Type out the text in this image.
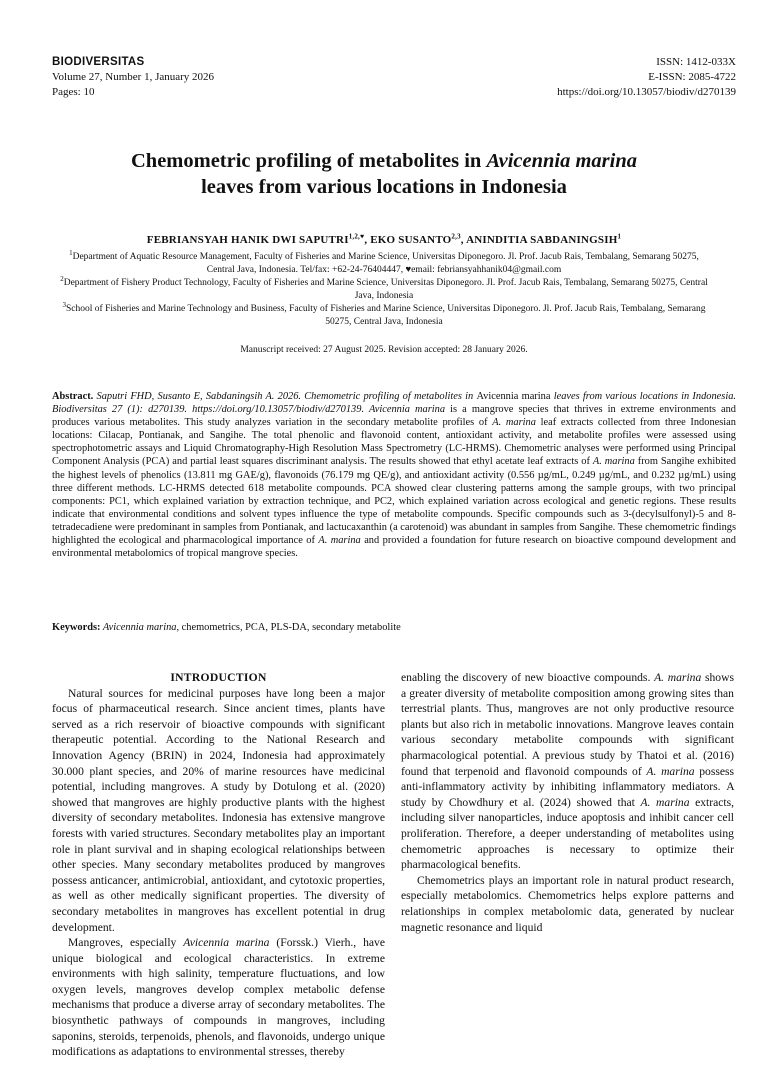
BIODIVERSITAS
Volume 27, Number 1, January 2026
Pages: 10
ISSN: 1412-033X
E-ISSN: 2085-4722
https://doi.org/10.13057/biodiv/d270139
Chemometric profiling of metabolites in Avicennia marina
leaves from various locations in Indonesia
FEBRIANSYAH HANIK DWI $SAPUTRI^{1,2,♥}$, EKO SUSANTO$^{2,3}$, ANINDITIA SABDANINGSIH$^1$
$^1$Department of Aquatic Resource Management, Faculty of Fisheries and Marine Science, Universitas Diponegoro. Jl. Prof. Jacub Rais, Tembalang, Semarang 50275, Central Java, Indonesia. Tel/fax: +62-24-76404447, ♥email: febriansyahhanik04@gmail.com
$^2$Department of Fishery Product Technology, Faculty of Fisheries and Marine Science, Universitas Diponegoro. Jl. Prof. Jacub Rais, Tembalang, Semarang 50275, Central Java, Indonesia
$^3$School of Fisheries and Marine Technology and Business, Faculty of Fisheries and Marine Science, Universitas Diponegoro. Jl. Prof. Jacub Rais, Tembalang, Semarang 50275, Central Java, Indonesia
Manuscript received: 27 August 2025. Revision accepted: 28 January 2026.
Abstract. Saputri FHD, Susanto E, Sabdaningsih A. 2026. Chemometric profiling of metabolites in Avicennia marina leaves from various locations in Indonesia. Biodiversitas 27 (1): d270139. https://doi.org/10.13057/biodiv/d270139. Avicennia marina is a mangrove species that thrives in extreme environments and produces various metabolites. This study analyzes variation in the secondary metabolite profiles of A. marina leaf extracts collected from three Indonesian locations: Cilacap, Pontianak, and Sangihe. The total phenolic and flavonoid content, antioxidant activity, and metabolite profiles were assessed using spectrophotometric assays and Liquid Chromatography-High Resolution Mass Spectrometry (LC-HRMS). Chemometric analyses were performed using Principal Component Analysis (PCA) and partial least squares discriminant analysis. The results showed that ethyl acetate leaf extracts of A. marina from Sangihe exhibited the highest levels of phenolics (13.811 mg GAE/g), flavonoids (76.179 mg QE/g), and antioxidant activity (0.556 µg/mL, 0.249 µg/mL, and 0.232 µg/mL) using three different methods. LC-HRMS detected 618 metabolite compounds. PCA showed clear clustering patterns among the sample groups, with two principal components: PC1, which explained variation by extraction technique, and PC2, which explained variation across ecological and genetic regions. These results indicate that environmental conditions and solvent types influence the type of metabolite compounds. Specific compounds such as 3-(decylsulfonyl)-5 and 8-tetradecadiene were predominant in samples from Pontianak, and lactucaxanthin (a carotenoid) was abundant in samples from Sangihe. These chemometric findings highlighted the ecological and pharmacological importance of A. marina and provided a foundation for future research on bioactive compound development and environmental metabolomics of tropical mangrove species.
Keywords: Avicennia marina, chemometrics, PCA, PLS-DA, secondary metabolite

INTRODUCTION

Natural sources for medicinal purposes have long been a major focus of pharmaceutical research. Since ancient times, plants have served as a rich reservoir of bioactive compounds with significant therapeutic potential. According to the National Research and Innovation Agency (BRIN) in 2024, Indonesia had approximately 30.000 plant species, and 20% of marine resources have medicinal potential, including mangroves. A study by Dotulong et al. (2020) showed that mangroves are highly productive plants with the highest diversity of secondary metabolites. Indonesia has extensive mangrove forests with varied structures. Secondary metabolites play an important role in plant survival and in shaping ecological relationships between other species. Many secondary metabolites produced by mangroves possess anticancer, antimicrobial, antioxidant, and cytotoxic properties, as well as other medically significant properties. The diversity of secondary metabolites in mangroves has excellent potential in drug development.

Mangroves, especially Avicennia marina (Forssk.) Vierh., have unique biological and ecological characteristics. In extreme environments with high salinity, temperature fluctuations, and low oxygen levels, mangroves develop complex metabolic defense mechanisms that produce a diverse array of secondary metabolites. The biosynthetic pathways of compounds in mangroves, including saponins, steroids, terpenoids, phenols, and flavonoids, undergo unique modifications as adaptations to environmental stresses, thereby

enabling the discovery of new bioactive compounds. A. marina shows a greater diversity of metabolite composition among growing sites than terrestrial plants. Thus, mangroves are not only productive resource plants but also rich in metabolic innovations. Mangrove leaves contain various secondary metabolite compounds with significant pharmacological potential. A previous study by Thatoi et al. (2016) found that terpenoid and flavonoid compounds of A. marina possess anti-inflammatory activity by inhibiting inflammatory mediators. A study by Chowdhury et al. (2024) showed that A. marina extracts, including silver nanoparticles, induce apoptosis and inhibit cancer cell proliferation. Therefore, a deeper understanding of metabolites using chemometric approaches is necessary to optimize their pharmacological benefits.

Chemometrics plays an important role in natural product research, especially metabolomics. Chemometrics helps explore patterns and relationships in complex metabolomic data, generated by nuclear magnetic resonance and liquid
